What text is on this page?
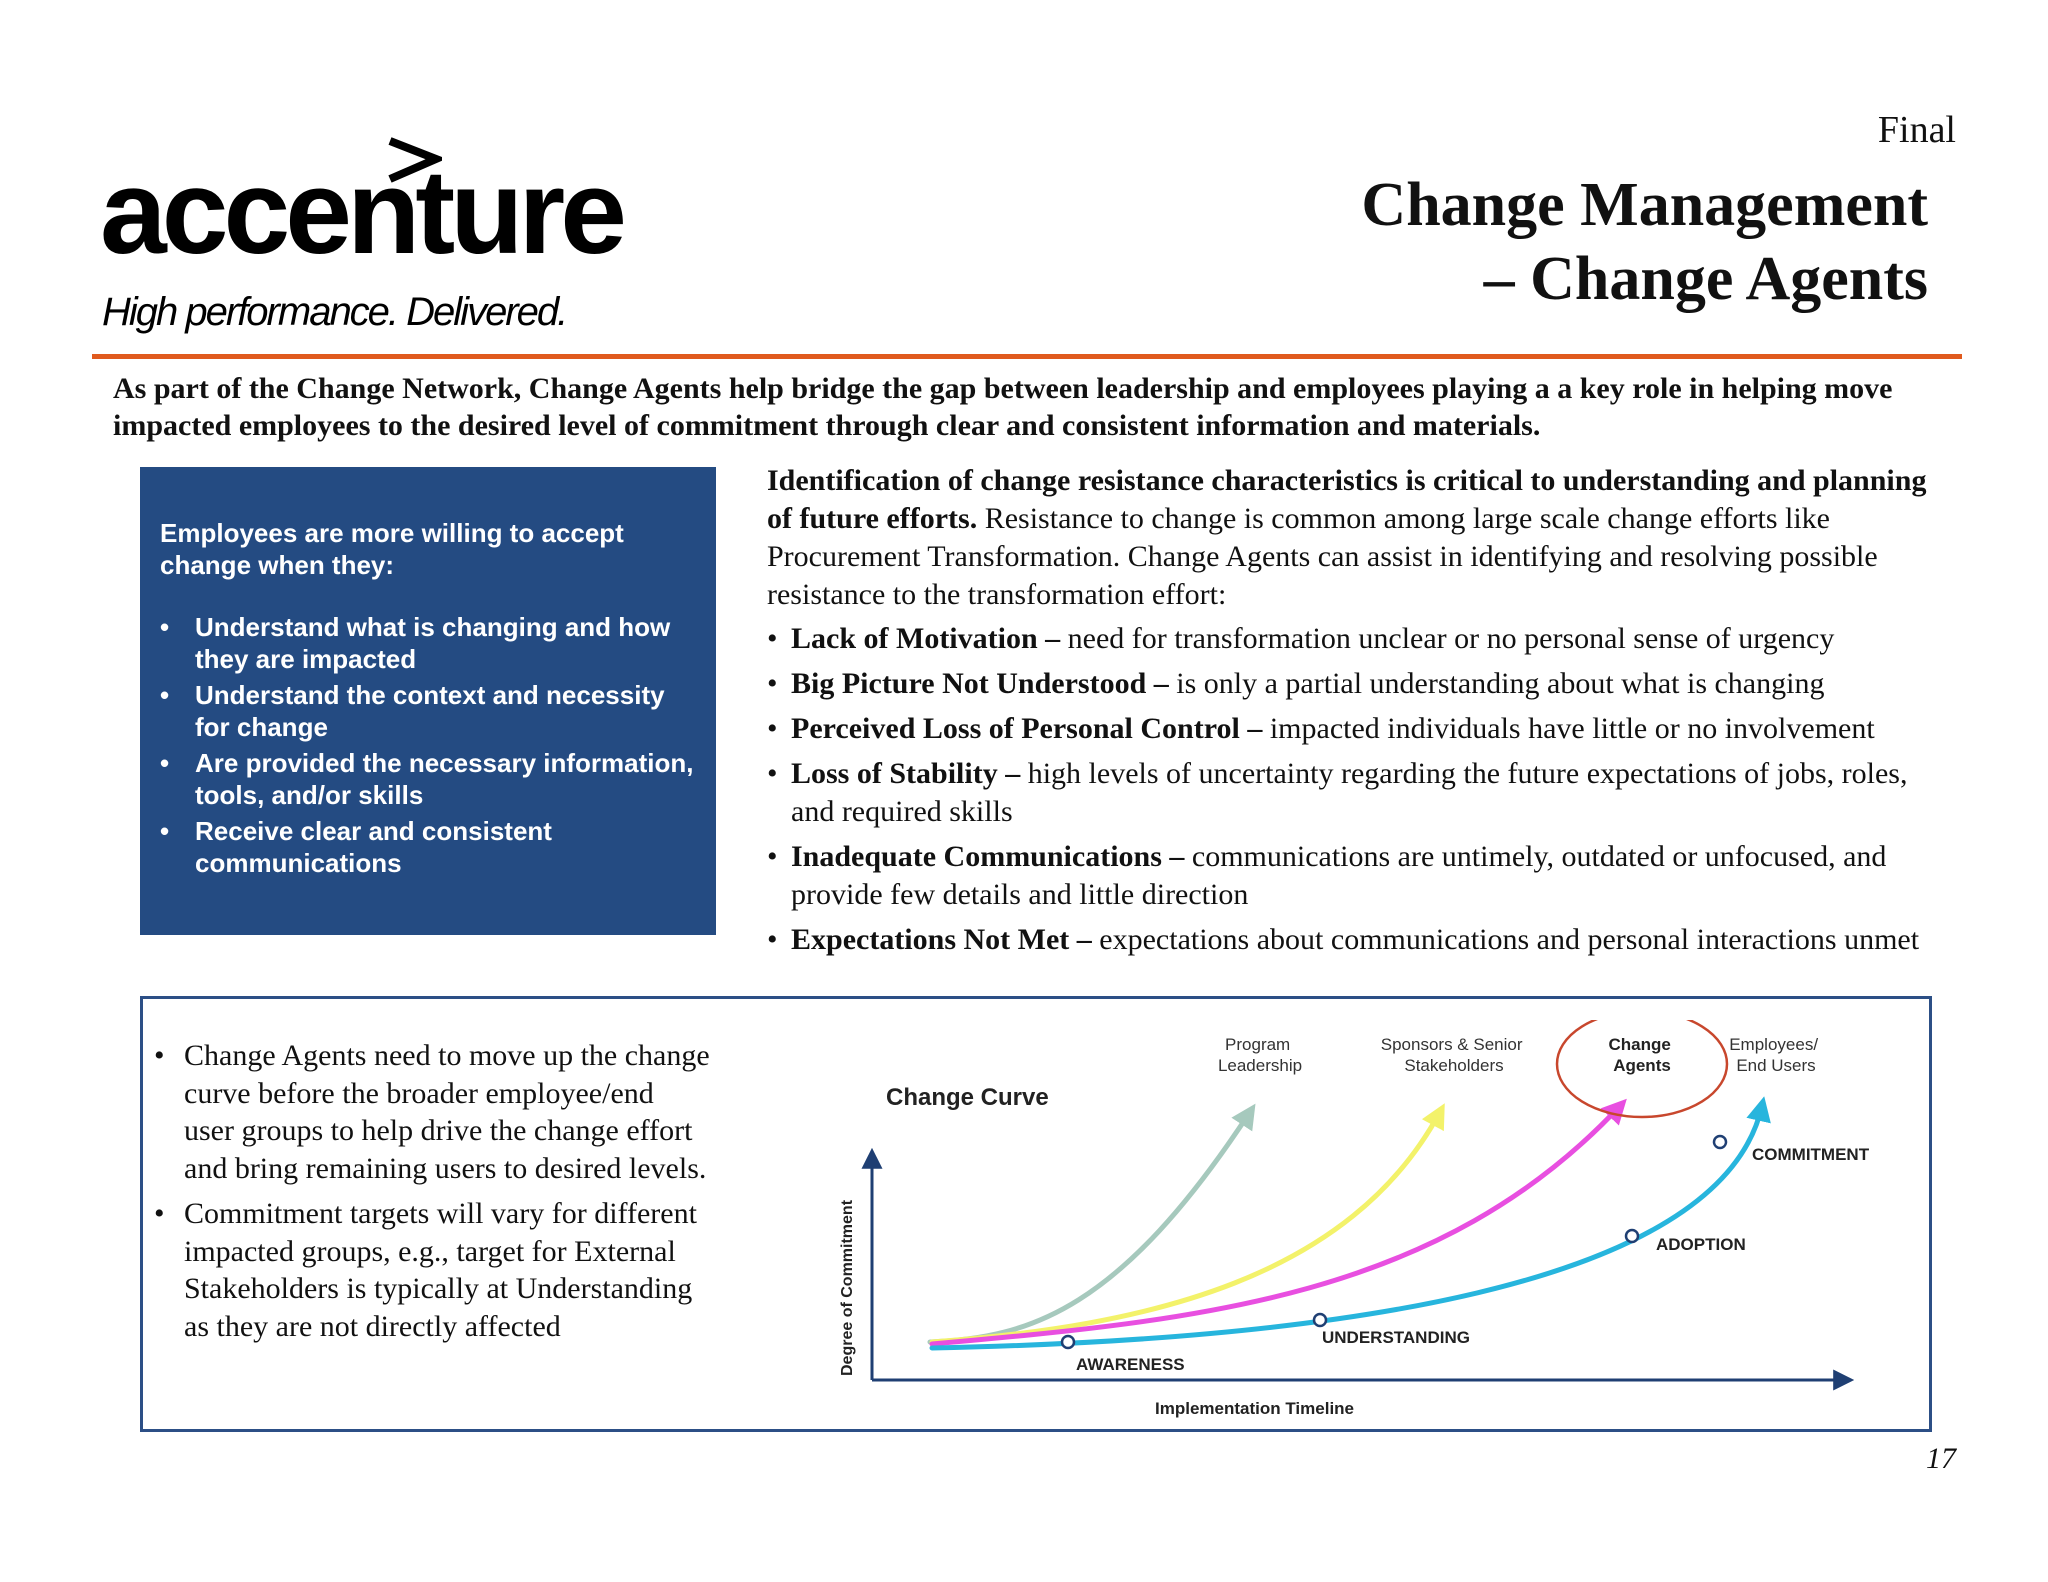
accenture
High performance. Delivered.
Final
Change Management
– Change Agents
As part of the Change Network, Change Agents help bridge the gap between leadership and employees playing a a key role in helping move impacted employees to the desired level of commitment through clear and consistent information and materials.
Employees are more willing to accept change when they:
• Understand what is changing and how they are impacted
• Understand the context and necessity for change
• Are provided the necessary information, tools, and/or skills
• Receive clear and consistent communications

Identification of change resistance characteristics is critical to understanding and planning of future efforts. Resistance to change is common among large scale change efforts like Procurement Transformation. Change Agents can assist in identifying and resolving possible resistance to the transformation effort:

• Lack of Motivation – need for transformation unclear or no personal sense of urgency
• Big Picture Not Understood – is only a partial understanding about what is changing
• Perceived Loss of Personal Control – impacted individuals have little or no involvement
• Loss of Stability – high levels of uncertainty regarding the future expectations of jobs, roles, and required skills
• Inadequate Communications – communications are untimely, outdated or unfocused, and provide few details and little direction
• Expectations Not Met – expectations about communications and personal interactions unmet
• Change Agents need to move up the change curve before the broader employee/end user groups to help drive the change effort and bring remaining users to desired levels.
• Commitment targets will vary for different impacted groups, e.g., target for External Stakeholders is typically at Understanding as they are not directly affected
Change Curve
Degree of Commitment
Implementation Timeline
AWARENESS
UNDERSTANDING
ADOPTION
COMMITMENT
Program Leadership
Sponsors & Senior Stakeholders
Change Agents
Employees/ End Users
17
